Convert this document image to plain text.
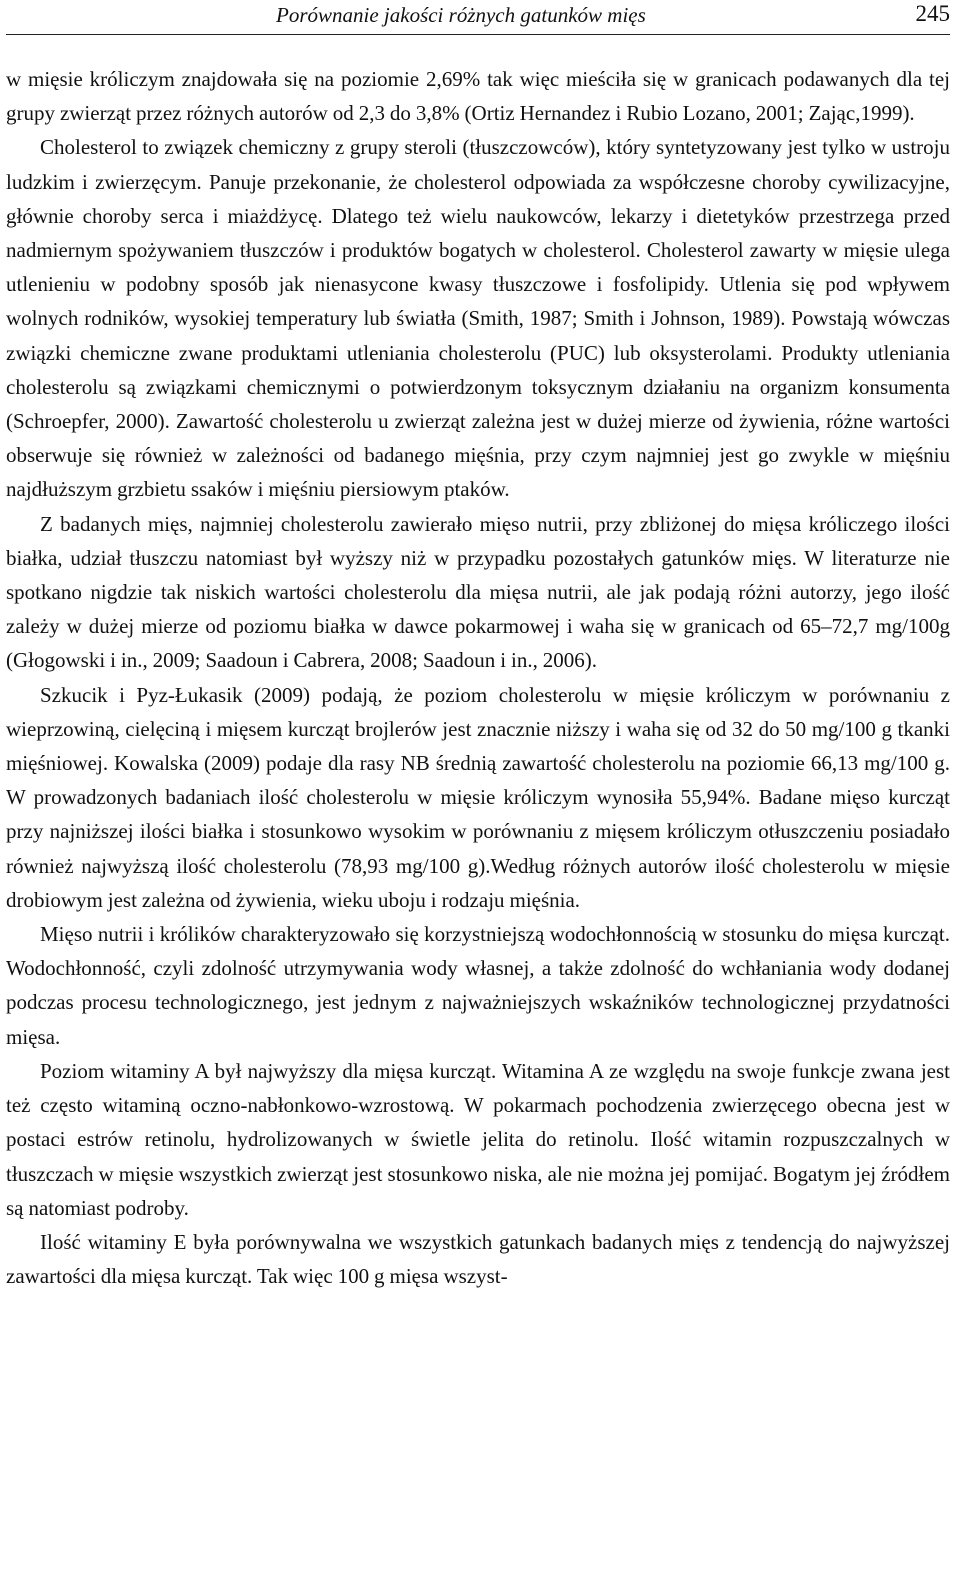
Porównanie jakości różnych gatunków mięs	245

w mięsie króliczym znajdowała się na poziomie 2,69% tak więc mieściła się w granicach podawanych dla tej grupy zwierząt przez różnych autorów od 2,3 do 3,8% (Ortiz Hernandez i Rubio Lozano, 2001; Zając,1999).

Cholesterol to związek chemiczny z grupy steroli (tłuszczowców), który syntetyzowany jest tylko w ustroju ludzkim i zwierzęcym. Panuje przekonanie, że cholesterol odpowiada za współczesne choroby cywilizacyjne, głównie choroby serca i miażdżycę. Dlatego też wielu naukowców, lekarzy i dietetyków przestrzega przed nadmiernym spożywaniem tłuszczów i produktów bogatych w cholesterol. Cholesterol zawarty w mięsie ulega utlenieniu w podobny sposób jak nienasycone kwasy tłuszczowe i fosfolipidy. Utlenia się pod wpływem wolnych rodników, wysokiej temperatury lub światła (Smith, 1987; Smith i Johnson, 1989). Powstają wówczas związki chemiczne zwane produktami utleniania cholesterolu (PUC) lub oksysterolami. Produkty utleniania cholesterolu są związkami chemicznymi o potwierdzonym toksycznym działaniu na organizm konsumenta (Schroepfer, 2000). Zawartość cholesterolu u zwierząt zależna jest w dużej mierze od żywienia, różne wartości obserwuje się również w zależności od badanego mięśnia, przy czym najmniej jest go zwykle w mięśniu najdłuższym grzbietu ssaków i mięśniu piersiowym ptaków.

Z badanych mięs, najmniej cholesterolu zawierało mięso nutrii, przy zbliżonej do mięsa króliczego ilości białka, udział tłuszczu natomiast był wyższy niż w przypadku pozostałych gatunków mięs. W literaturze nie spotkano nigdzie tak niskich wartości cholesterolu dla mięsa nutrii, ale jak podają różni autorzy, jego ilość zależy w dużej mierze od poziomu białka w dawce pokarmowej i waha się w granicach od 65–72,7 mg/100g (Głogowski i in., 2009; Saadoun i Cabrera, 2008; Saadoun i in., 2006).

Szkucik i Pyz-Łukasik (2009) podają, że poziom cholesterolu w mięsie króliczym w porównaniu z wieprzowiną, cielęciną i mięsem kurcząt brojlerów jest znacznie niższy i waha się od 32 do 50 mg/100 g tkanki mięśniowej. Kowalska (2009) podaje dla rasy NB średnią zawartość cholesterolu na poziomie 66,13 mg/100 g. W prowadzonych badaniach ilość cholesterolu w mięsie króliczym wynosiła 55,94%. Badane mięso kurcząt przy najniższej ilości białka i stosunkowo wysokim w porównaniu z mięsem króliczym otłuszczeniu posiadało również najwyższą ilość cholesterolu (78,93 mg/100 g).Według różnych autorów ilość cholesterolu w mięsie drobiowym jest zależna od żywienia, wieku uboju i rodzaju mięśnia.

Mięso nutrii i królików charakteryzowało się korzystniejszą wodochłonnością w stosunku do mięsa kurcząt. Wodochłonność, czyli zdolność utrzymywania wody własnej, a także zdolność do wchłaniania wody dodanej podczas procesu technologicznego, jest jednym z najważniejszych wskaźników technologicznej przydatności mięsa.

Poziom witaminy A był najwyższy dla mięsa kurcząt. Witamina A ze względu na swoje funkcje zwana jest też często witaminą oczno-nabłonkowo-wzrostową. W pokarmach pochodzenia zwierzęcego obecna jest w postaci estrów retinolu, hydrolizowanych w świetle jelita do retinolu. Ilość witamin rozpuszczalnych w tłuszczach w mięsie wszystkich zwierząt jest stosunkowo niska, ale nie można jej pomijać. Bogatym jej źródłem są natomiast podroby.

Ilość witaminy E była porównywalna we wszystkich gatunkach badanych mięs z tendencją do najwyższej zawartości dla mięsa kurcząt. Tak więc 100 g mięsa wszyst-
